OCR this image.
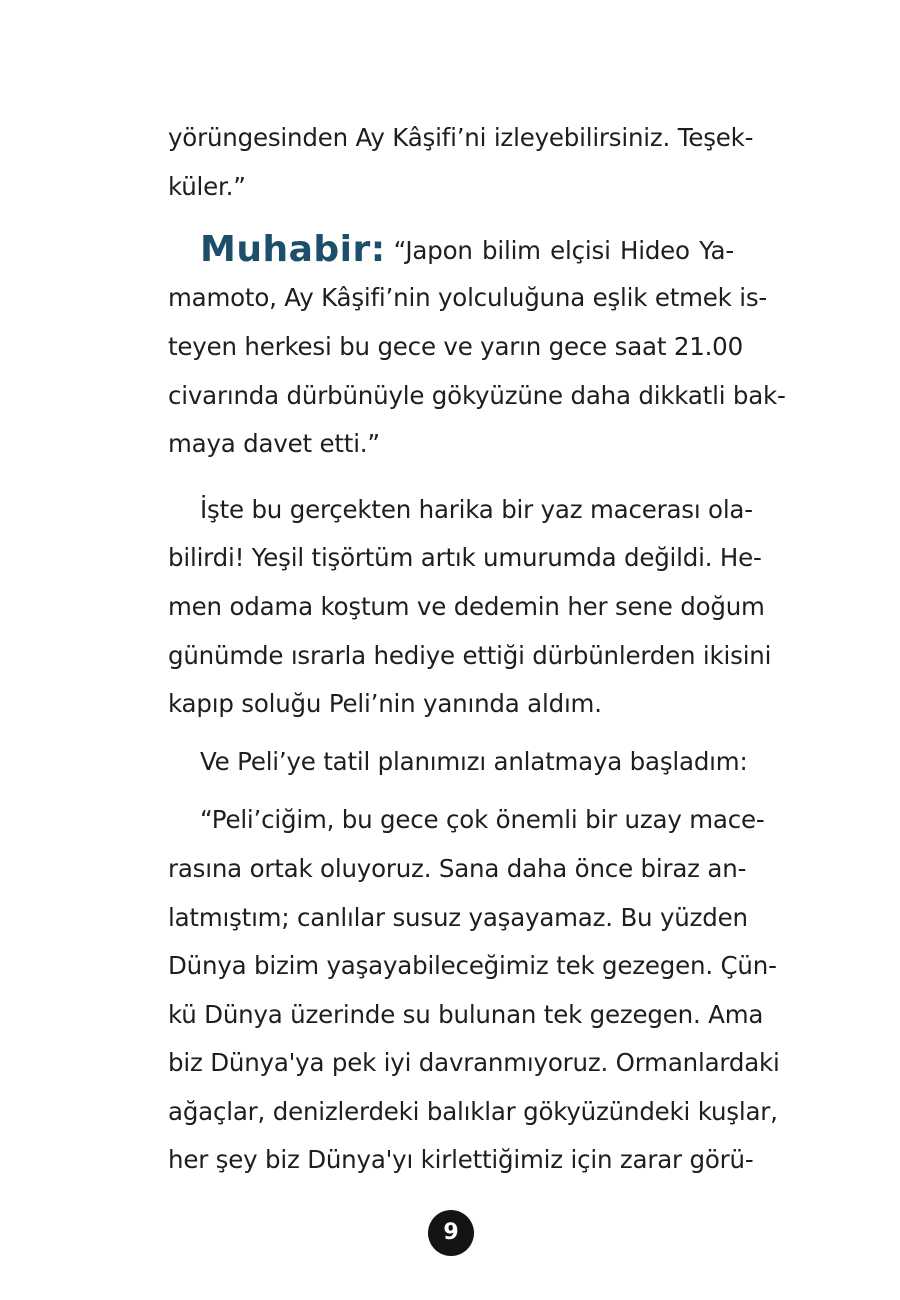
yörüngesinden Ay Kâşifi’ni izleyebilirsiniz. Teşek-
küler.”
Muhabir: “Japon bilim elçisi Hideo Ya-
mamoto, Ay Kâşifi’nin yolculuğuna eşlik etmek is-
teyen herkesi bu gece ve yarın gece saat 21.00
civarında dürbünüyle gökyüzüne daha dikkatli bak-
maya davet etti.”
İşte bu gerçekten harika bir yaz macerası ola-
bilirdi! Yeşil tişörtüm artık umurumda değildi. He-
men odama koştum ve dedemin her sene doğum
günümde ısrarla hediye ettiği dürbünlerden ikisini
kapıp soluğu Peli’nin yanında aldım.
Ve Peli’ye tatil planımızı anlatmaya başladım:
“Peli’ciğim, bu gece çok önemli bir uzay mace-
rasına ortak oluyoruz. Sana daha önce biraz an-
latmıştım; canlılar susuz yaşayamaz. Bu yüzden
Dünya bizim yaşayabileceğimiz tek gezegen. Çün-
kü Dünya üzerinde su bulunan tek gezegen. Ama
biz Dünya'ya pek iyi davranmıyoruz. Ormanlardaki
ağaçlar, denizlerdeki balıklar gökyüzündeki kuşlar,
her şey biz Dünya'yı kirlettiğimiz için zarar görü-
9
